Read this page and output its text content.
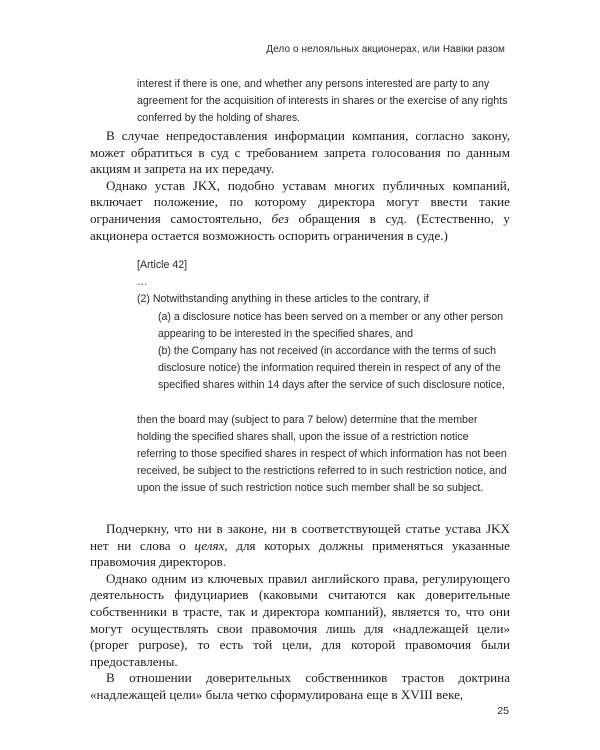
Дело о нелояльных акционерах, или Навіки разом

interest if there is one, and whether any persons interested are party to any agreement for the acquisition of interests in shares or the exercise of any rights conferred by the holding of shares.

В случае непредоставления информации компания, согласно закону, может обратиться в суд с требованием запрета голосования по данным акциям и запрета на их передачу.

Однако устав JKX, подобно уставам многих публичных компаний, включает положение, по которому директора могут ввести такие ограничения самостоятельно, без обращения в суд. (Естественно, у акционера остается возможность оспорить ограничения в суде.)

[Article 42]

…

(2) Notwithstanding anything in these articles to the contrary, if

(a) a disclosure notice has been served on a member or any other person appearing to be interested in the specified shares, and

(b) the Company has not received (in accordance with the terms of such disclosure notice) the information required therein in respect of any of the specified shares within 14 days after the service of such disclosure notice,

then the board may (subject to para 7 below) determine that the member holding the specified shares shall, upon the issue of a restriction notice referring to those specified shares in respect of which information has not been received, be subject to the restrictions referred to in such restriction notice, and upon the issue of such restriction notice such member shall be so subject.

Подчеркну, что ни в законе, ни в соответствующей статье устава JKX нет ни слова о целях, для которых должны применяться указанные правомочия директоров.

Однако одним из ключевых правил английского права, регулирующего деятельность фидуциариев (каковыми считаются как доверительные собственники в трасте, так и директора компаний), является то, что они могут осуществлять свои правомочия лишь для «надлежащей цели» (proper purpose), то есть той цели, для которой правомочия были предоставлены.

В отношении доверительных собственников трастов доктрина «надлежащей цели» была четко сформулирована еще в XVIII веке,

25
